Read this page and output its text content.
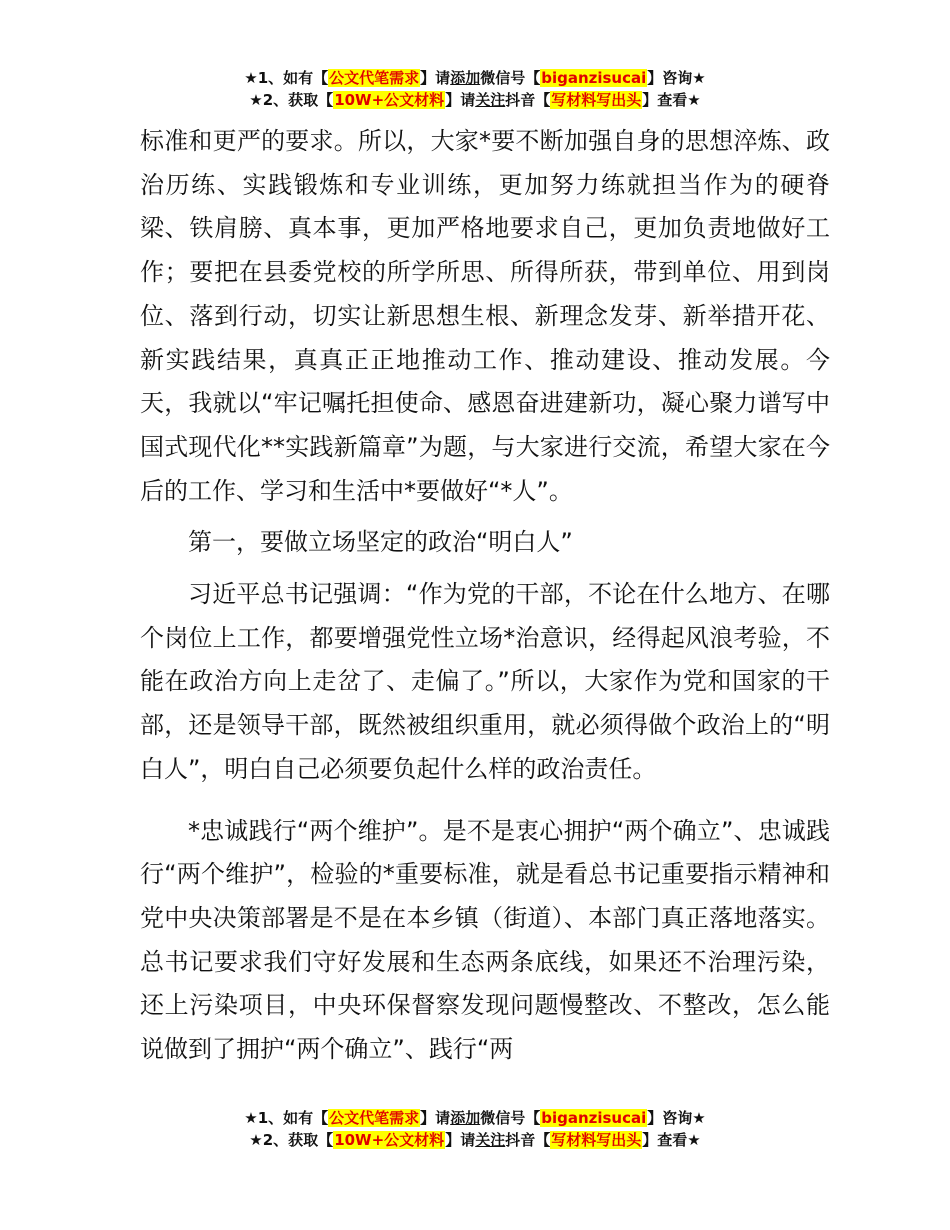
★1、如有【公文代笔需求】请添加微信号【biganzisucai】咨询★
★2、获取【10W+公文材料】请关注抖音【写材料写出头】查看★

标准和更严的要求。所以，大家*要不断加强自身的思想淬炼、政治历练、实践锻炼和专业训练，更加努力练就担当作为的硬脊梁、铁肩膀、真本事，更加严格地要求自己，更加负责地做好工作；要把在县委党校的所学所思、所得所获，带到单位、用到岗位、落到行动，切实让新思想生根、新理念发芽、新举措开花、新实践结果，真真正正地推动工作、推动建设、推动发展。今天，我就以“牢记嘱托担使命、感恩奋进建新功，凝心聚力谱写中国式现代化**实践新篇章”为题，与大家进行交流，希望大家在今后的工作、学习和生活中*要做好“*人”。

第一，要做立场坚定的政治“明白人”

习近平总书记强调：“作为党的干部，不论在什么地方、在哪个岗位上工作，都要增强党性立场*治意识，经得起风浪考验，不能在政治方向上走岔了、走偏了。”所以，大家作为党和国家的干部，还是领导干部，既然被组织重用，就必须得做个政治上的“明白人”，明白自己必须要负起什么样的政治责任。

*忠诚践行“两个维护”。是不是衷心拥护“两个确立”、忠诚践行“两个维护”，检验的*重要标准，就是看总书记重要指示精神和党中央决策部署是不是在本乡镇（街道）、本部门真正落地落实。总书记要求我们守好发展和生态两条底线，如果还不治理污染，还上污染项目，中央环保督察发现问题慢整改、不整改，怎么能说做到了拥护“两个确立”、践行“两

★1、如有【公文代笔需求】请添加微信号【biganzisucai】咨询★
★2、获取【10W+公文材料】请关注抖音【写材料写出头】查看★
